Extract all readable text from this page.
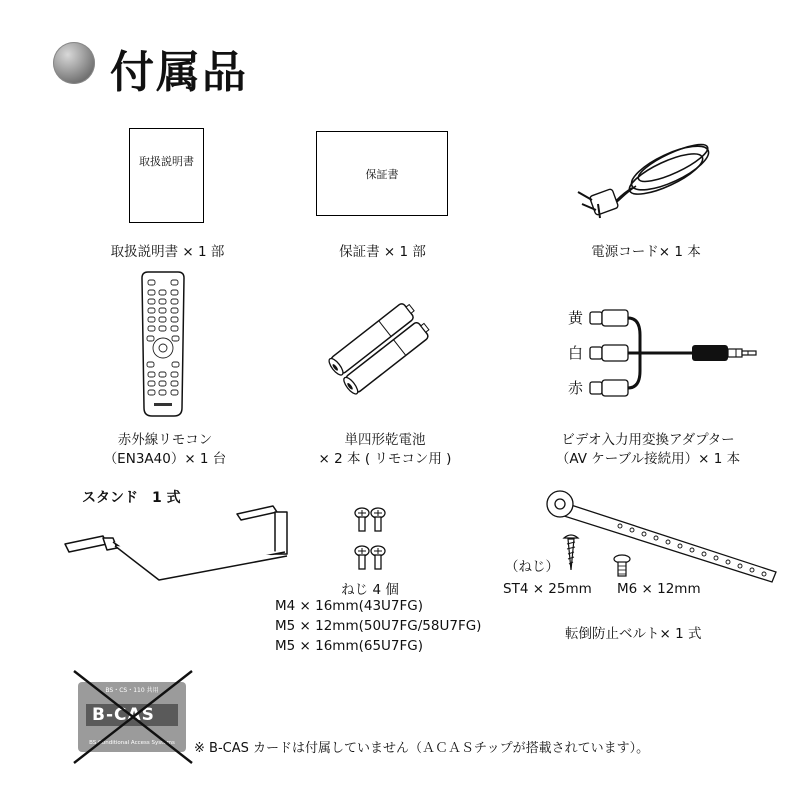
付属品
取扱説明書
取扱説明書 × 1 部
保証書
保証書 × 1 部	電源コード× 1 本
赤外線リモコン
（EN3A40）× 1 台
単四形乾電池
× 2 本 ( リモコン用 )
黄
白
赤
ビデオ入力用変換アダプター
（AV ケーブル接続用）× 1 本
スタンド　1 式
ねじ 4 個
M4 × 16mm(43U7FG)
M5 × 12mm(50U7FG/58U7FG)
M5 × 16mm(65U7FG)
（ねじ）
ST4 × 25mm M6 × 12mm
転倒防止ベルト× 1 式
BS・CS・110 共用
B-CAS
BS Conditional Access Systems	※ B-CAS カードは付属していません（ＡＣＡＳチップが搭載されています）。
